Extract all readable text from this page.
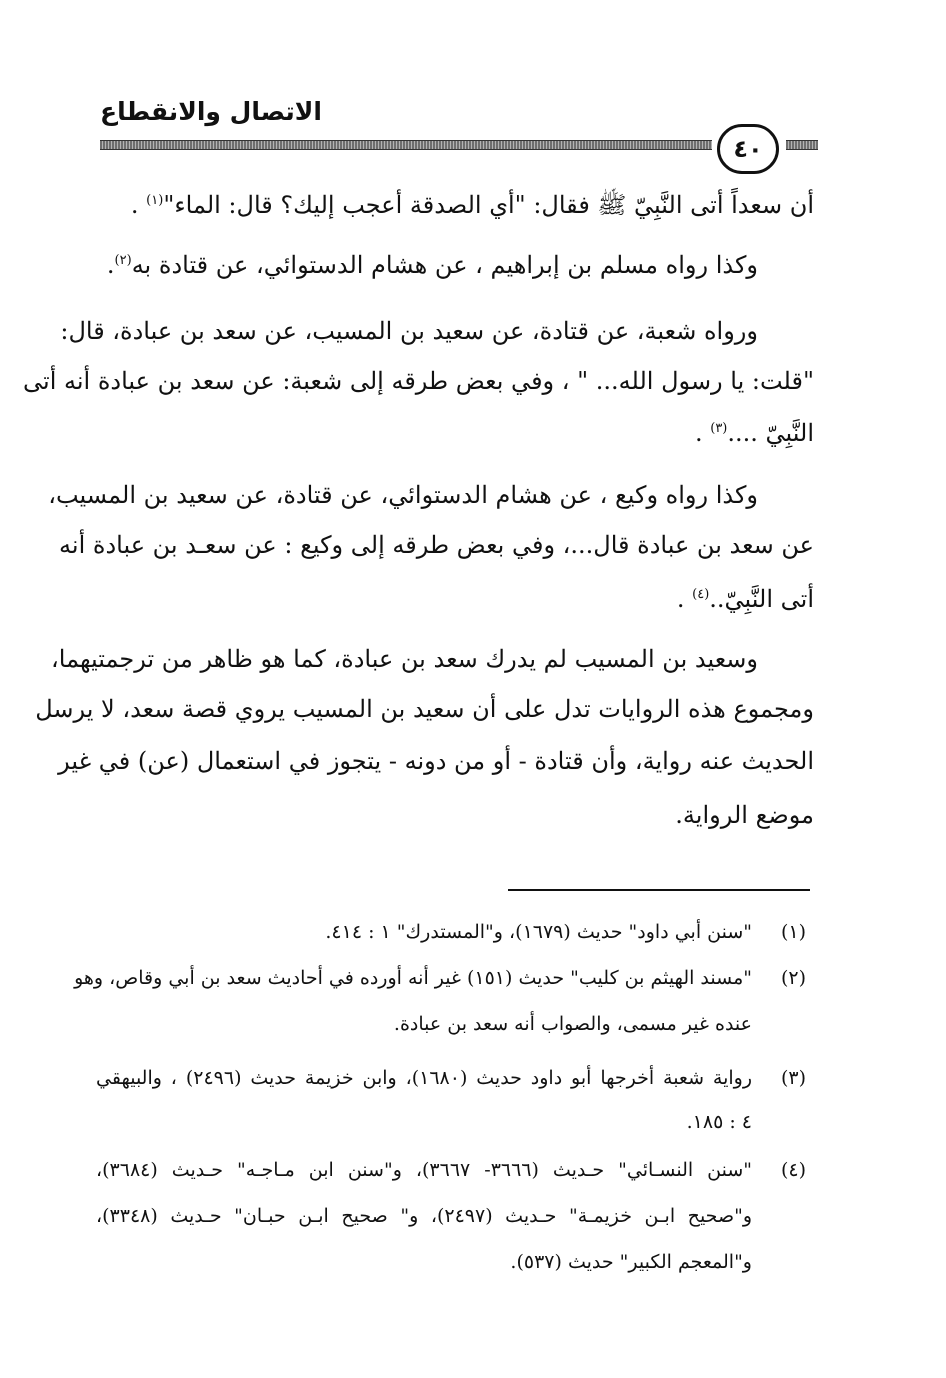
الاتصال والانقطاع
٤٠
أن سعداً أتى النَّبِيّ ﷺ فقال: "أي الصدقة أعجب إليك؟ قال: الماء"$^{(١)}$ .
وكذا رواه مسلم بن إبراهيم ، عن هشام الدستوائي، عن قتادة به$^{(٢)}$.
ورواه شعبة، عن قتادة، عن سعيد بن المسيب، عن سعد بن عبادة، قال:
"قلت: يا رسول الله... " ، وفي بعض طرقه إلى شعبة: عن سعد بن عبادة أنه أتى
النَّبِيّ ....$^{(٣)}$ .
وكذا رواه وكيع ، عن هشام الدستوائي، عن قتادة، عن سعيد بن المسيب،
عن سعد بن عبادة قال...، وفي بعض طرقه إلى وكيع : عن سعـد بن عبادة أنه
أتى النَّبِيّ..$^{(٤)}$ .
وسعيد بن المسيب لم يدرك سعد بن عبادة، كما هو ظاهر من ترجمتيهما،
ومجموع هذه الروايات تدل على أن سعيد بن المسيب يروي قصة سعد، لا يرسل
الحديث عنه رواية، وأن قتادة - أو من دونه - يتجوز في استعمال (عن) في غير
موضع الرواية.
(١)
"سنن أبي داود" حديث (١٦٧٩)، و"المستدرك" ١ : ٤١٤.
(٢)
"مسند الهيثم بن كليب" حديث (١٥١) غير أنه أورده في أحاديث سعد بن أبي وقاص، وهو
عنده غير مسمى، والصواب أنه سعد بن عبادة.
(٣)
رواية شعبة أخرجها أبو داود حديث (١٦٨٠)، وابن خزيمة حديث (٢٤٩٦) ، والبيهقي
٤ : ١٨٥.
(٤)
"سنن النسـائي" حـديث (٣٦٦٦- ٣٦٦٧)، و"سنن ابن مـاجـه" حـديث (٣٦٨٤)،
و"صحيح ابـن خزيمـة" حـديث (٢٤٩٧)، و" صحيح ابـن حبـان" حـديث (٣٣٤٨)،
و"المعجم الكبير" حديث (٥٣٧).
